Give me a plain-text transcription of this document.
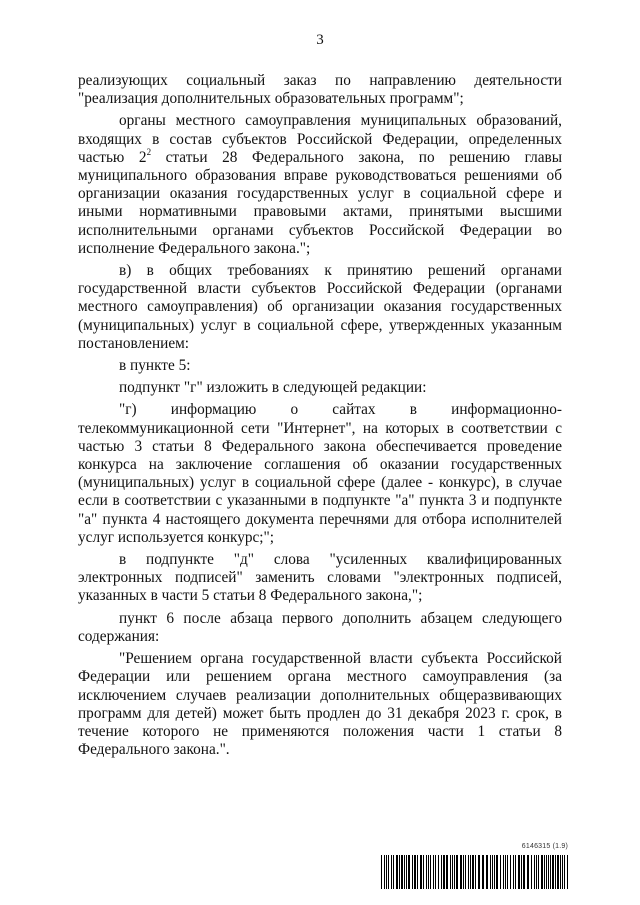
3

реализующих социальный заказ по направлению деятельности "реализация дополнительных образовательных программ";

органы местного самоуправления муниципальных образований, входящих в состав субъектов Российской Федерации, определенных частью $2^2$ статьи 28 Федерального закона, по решению главы муниципального образования вправе руководствоваться решениями об организации оказания государственных услуг в социальной сфере и иными нормативными правовыми актами, принятыми высшими исполнительными органами субъектов Российской Федерации во исполнение Федерального закона.";

в) в общих требованиях к принятию решений органами государственной власти субъектов Российской Федерации (органами местного самоуправления) об организации оказания государственных (муниципальных) услуг в социальной сфере, утвержденных указанным постановлением:

в пункте 5:

подпункт "г" изложить в следующей редакции:

"г) информацию о сайтах в информационно-телекоммуникационной сети "Интернет", на которых в соответствии с частью 3 статьи 8 Федерального закона обеспечивается проведение конкурса на заключение соглашения об оказании государственных (муниципальных) услуг в социальной сфере (далее - конкурс), в случае если в соответствии с указанными в подпункте "а" пункта 3 и подпункте "а" пункта 4 настоящего документа перечнями для отбора исполнителей услуг используется конкурс;";

в подпункте "д" слова "усиленных квалифицированных электронных подписей" заменить словами "электронных подписей, указанных в части 5 статьи 8 Федерального закона,";

пункт 6 после абзаца первого дополнить абзацем следующего содержания:

"Решением органа государственной власти субъекта Российской Федерации или решением органа местного самоуправления (за исключением случаев реализации дополнительных общеразвивающих программ для детей) может быть продлен до 31 декабря 2023 г. срок, в течение которого не применяются положения части 1 статьи 8 Федерального закона.".

6146315 (1.9)
